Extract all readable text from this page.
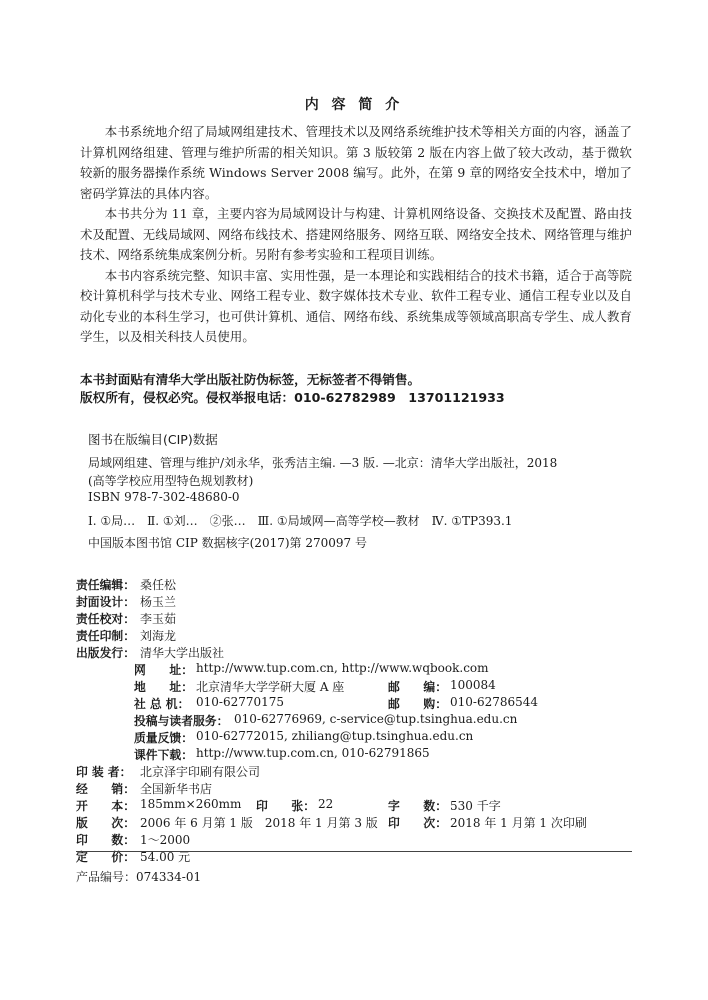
内 容 简 介

本书系统地介绍了局域网组建技术、管理技术以及网络系统维护技术等相关方面的内容，涵盖了计算机网络组建、管理与维护所需的相关知识。第 3 版较第 2 版在内容上做了较大改动，基于微软较新的服务器操作系统 Windows Server 2008 编写。此外，在第 9 章的网络安全技术中，增加了密码学算法的具体内容。

本书共分为 11 章，主要内容为局域网设计与构建、计算机网络设备、交换技术及配置、路由技术及配置、无线局域网、网络布线技术、搭建网络服务、网络互联、网络安全技术、网络管理与维护技术、网络系统集成案例分析。另附有参考实验和工程项目训练。

本书内容系统完整、知识丰富、实用性强，是一本理论和实践相结合的技术书籍，适合于高等院校计算机科学与技术专业、网络工程专业、数字媒体技术专业、软件工程专业、通信工程专业以及自动化专业的本科生学习，也可供计算机、通信、网络布线、系统集成等领域高职高专学生、成人教育学生，以及相关科技人员使用。

本书封面贴有清华大学出版社防伪标签，无标签者不得销售。
版权所有，侵权必究。侵权举报电话：010-62782989　13701121933
图书在版编目(CIP)数据
局域网组建、管理与维护/刘永华，张秀洁主编. —3 版. —北京：清华大学出版社，2018
(高等学校应用型特色规划教材)
ISBN 978-7-302-48680-0
Ⅰ. ①局…　Ⅱ. ①刘…　②张…　Ⅲ. ①局域网—高等学校—教材　Ⅳ. ①TP393.1
中国版本图书馆 CIP 数据核字(2017)第 270097 号
责任编辑： 桑任松
封面设计： 杨玉兰
责任校对： 李玉茹
责任印制： 刘海龙
出版发行： 清华大学出版社
网　　址： http://www.tup.com.cn, http://www.wqbook.com
地　　址： 北京清华大学学研大厦 A 座	邮　　编： 100084
社 总 机： 010-62770175	邮　　购： 010-62786544
投稿与读者服务： 010-62776969, c-service@tup.tsinghua.edu.cn
质量反馈： 010-62772015, zhiliang@tup.tsinghua.edu.cn
课件下载： http://www.tup.com.cn, 010-62791865
印 装 者： 北京泽宇印刷有限公司
经　　销： 全国新华书店
开　　本： 185mm×260mm 印　　张： 22	字　　数： 530 千字
版　　次： 2006 年 6 月第 1 版　2018 年 1 月第 3 版 印　　次： 2018 年 1 月第 1 次印刷
印　　数： 1～2000
定　　价： 54.00 元
产品编号：074334-01
